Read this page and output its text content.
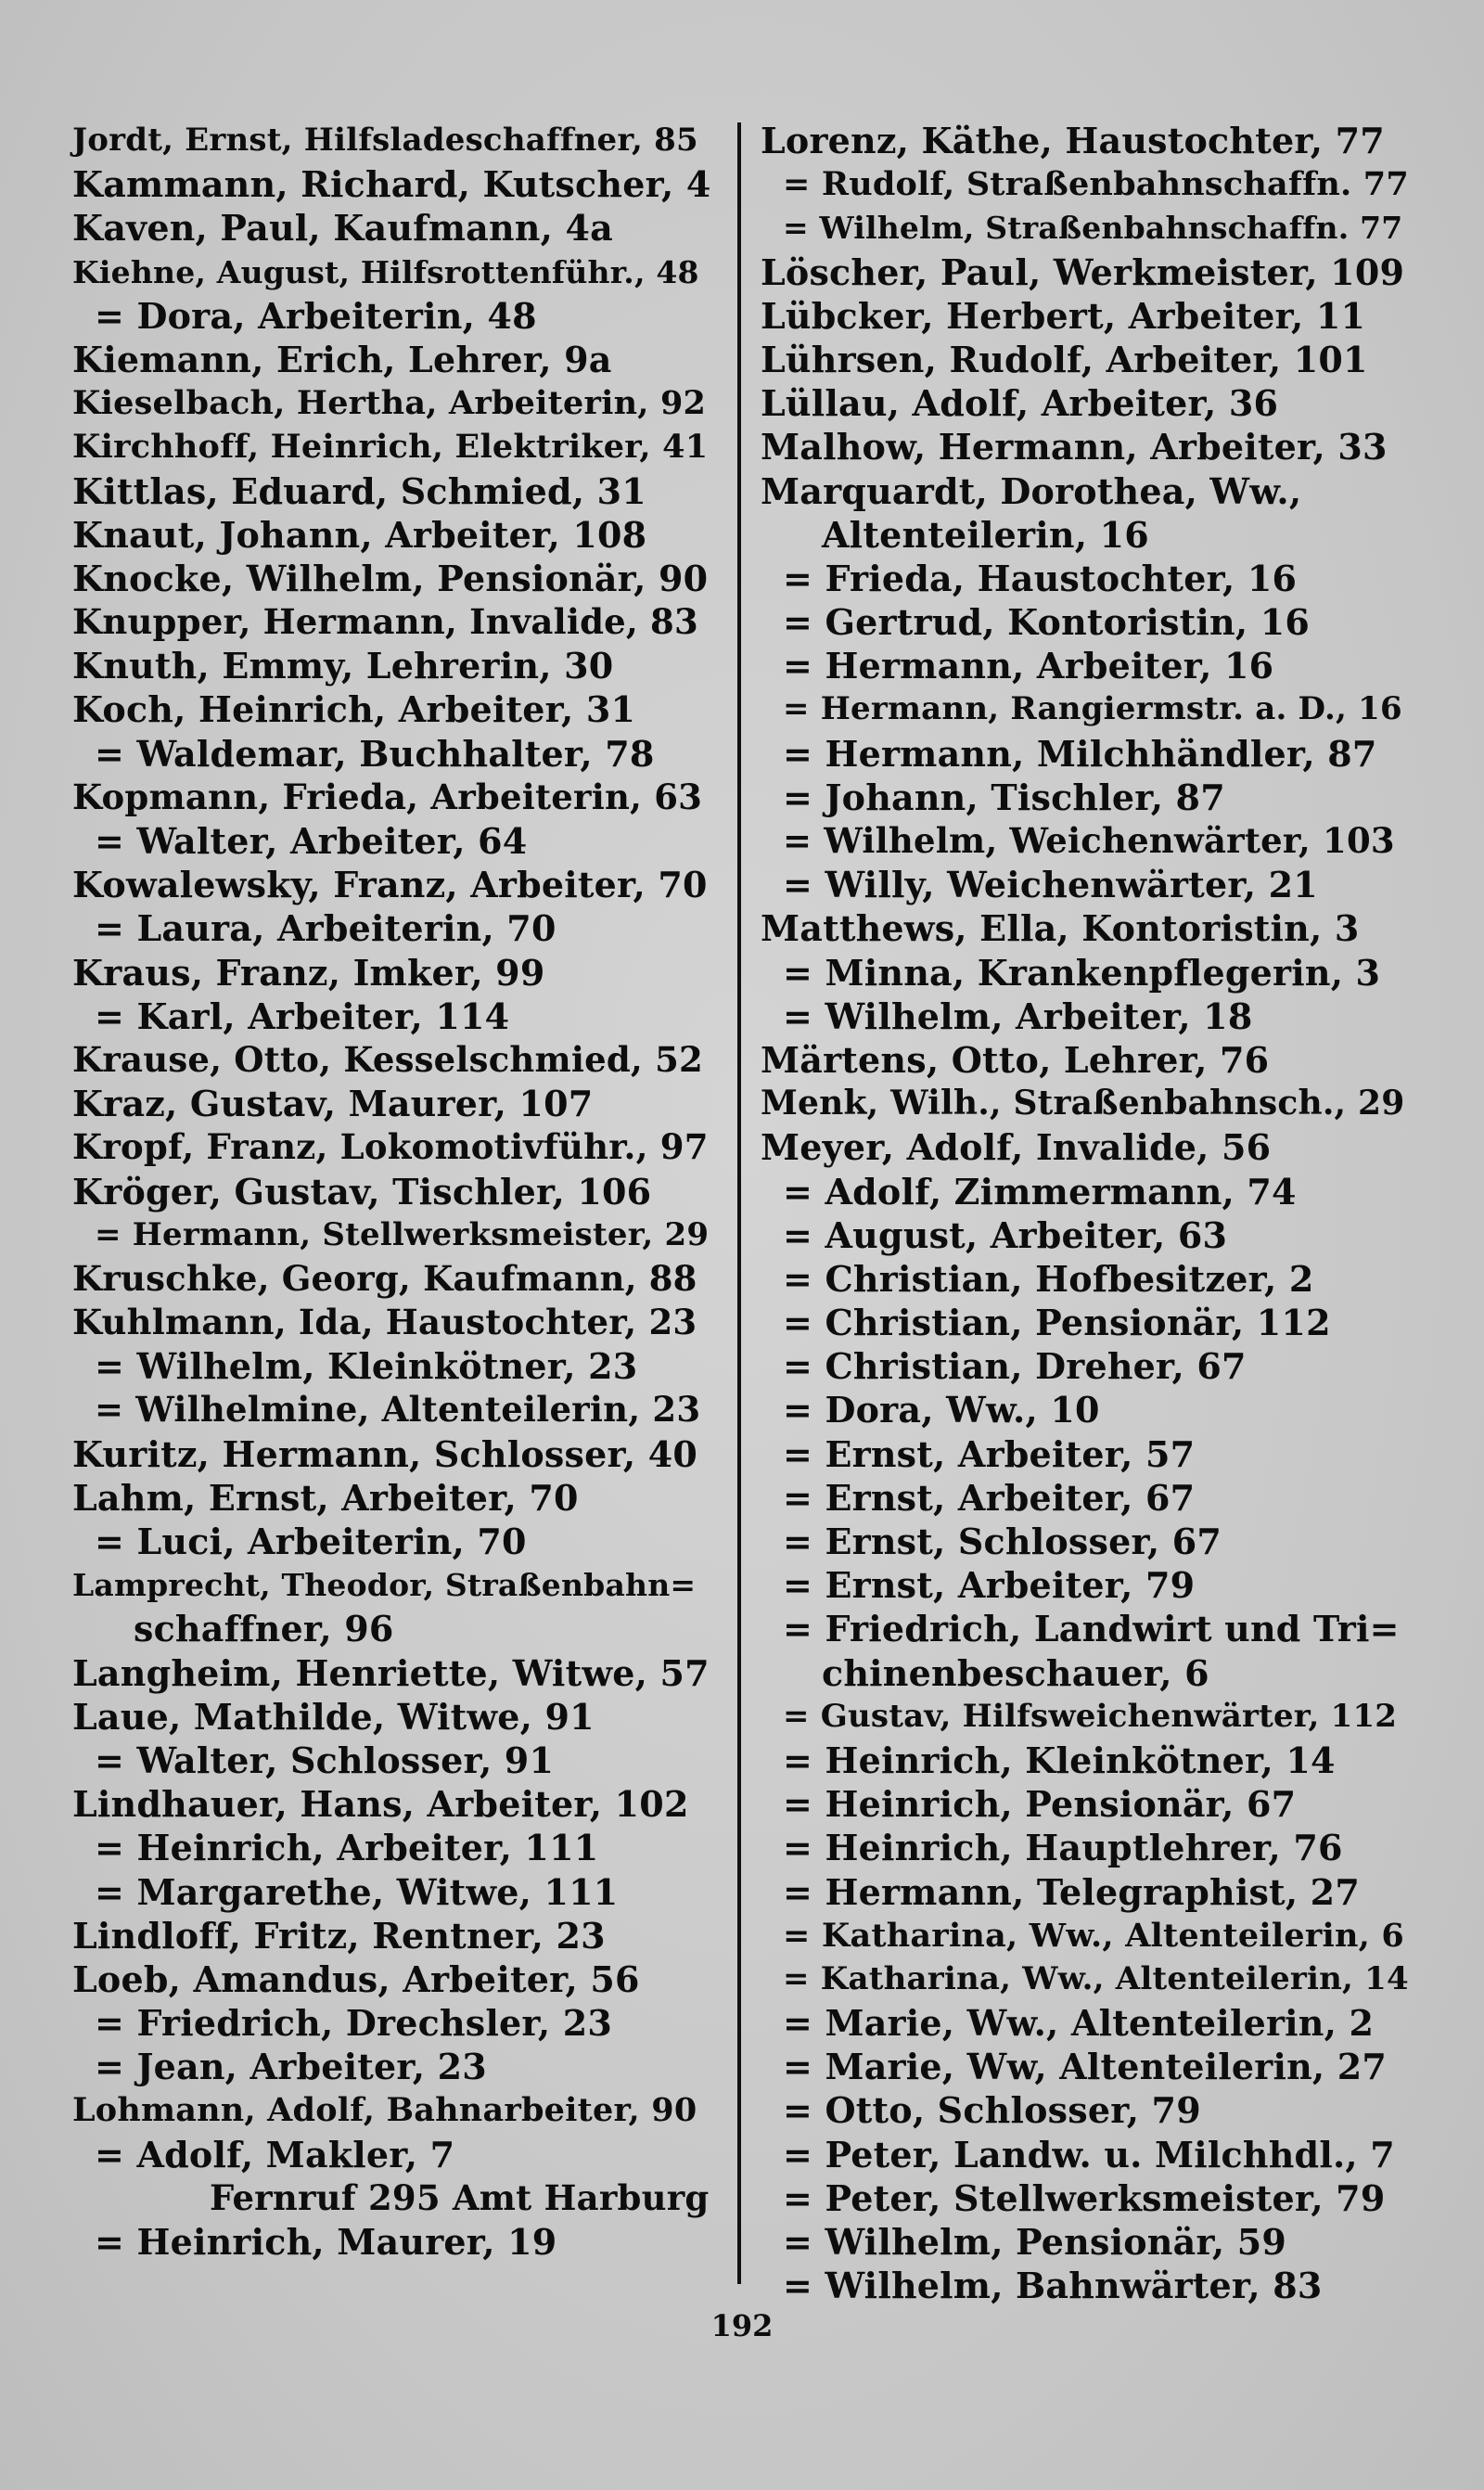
Jordt, Ernst, Hilfsladeschaffner, 85
Kammann, Richard, Kutscher, 4
Kaven, Paul, Kaufmann, 4a
Kiehne, August, Hilfsrottenführ., 48
= Dora, Arbeiterin, 48
Kiemann, Erich, Lehrer, 9a
Kieselbach, Hertha, Arbeiterin, 92
Kirchhoff, Heinrich, Elektriker, 41
Kittlas, Eduard, Schmied, 31
Knaut, Johann, Arbeiter, 108
Knocke, Wilhelm, Pensionär, 90
Knupper, Hermann, Invalide, 83
Knuth, Emmy, Lehrerin, 30
Koch, Heinrich, Arbeiter, 31
= Waldemar, Buchhalter, 78
Kopmann, Frieda, Arbeiterin, 63
= Walter, Arbeiter, 64
Kowalewsky, Franz, Arbeiter, 70
= Laura, Arbeiterin, 70
Kraus, Franz, Imker, 99
= Karl, Arbeiter, 114
Krause, Otto, Kesselschmied, 52
Kraz, Gustav, Maurer, 107
Kropf, Franz, Lokomotivführ., 97
Kröger, Gustav, Tischler, 106
= Hermann, Stellwerksmeister, 29
Kruschke, Georg, Kaufmann, 88
Kuhlmann, Ida, Haustochter, 23
= Wilhelm, Kleinkötner, 23
= Wilhelmine, Altenteilerin, 23
Kuritz, Hermann, Schlosser, 40
Lahm, Ernst, Arbeiter, 70
= Luci, Arbeiterin, 70
Lamprecht, Theodor, Straßenbahn=
schaffner, 96
Langheim, Henriette, Witwe, 57
Laue, Mathilde, Witwe, 91
= Walter, Schlosser, 91
Lindhauer, Hans, Arbeiter, 102
= Heinrich, Arbeiter, 111
= Margarethe, Witwe, 111
Lindloff, Fritz, Rentner, 23
Loeb, Amandus, Arbeiter, 56
= Friedrich, Drechsler, 23
= Jean, Arbeiter, 23
Lohmann, Adolf, Bahnarbeiter, 90
= Adolf, Makler, 7
Fernruf 295 Amt Harburg
= Heinrich, Maurer, 19
Lorenz, Käthe, Haustochter, 77
= Rudolf, Straßenbahnschaffn. 77
= Wilhelm, Straßenbahnschaffn. 77
Löscher, Paul, Werkmeister, 109
Lübcker, Herbert, Arbeiter, 11
Lührsen, Rudolf, Arbeiter, 101
Lüllau, Adolf, Arbeiter, 36
Malhow, Hermann, Arbeiter, 33
Marquardt, Dorothea, Ww.,
Altenteilerin, 16
= Frieda, Haustochter, 16
= Gertrud, Kontoristin, 16
= Hermann, Arbeiter, 16
= Hermann, Rangiermstr. a. D., 16
= Hermann, Milchhändler, 87
= Johann, Tischler, 87
= Wilhelm, Weichenwärter, 103
= Willy, Weichenwärter, 21
Matthews, Ella, Kontoristin, 3
= Minna, Krankenpflegerin, 3
= Wilhelm, Arbeiter, 18
Märtens, Otto, Lehrer, 76
Menk, Wilh., Straßenbahnsch., 29
Meyer, Adolf, Invalide, 56
= Adolf, Zimmermann, 74
= August, Arbeiter, 63
= Christian, Hofbesitzer, 2
= Christian, Pensionär, 112
= Christian, Dreher, 67
= Dora, Ww., 10
= Ernst, Arbeiter, 57
= Ernst, Arbeiter, 67
= Ernst, Schlosser, 67
= Ernst, Arbeiter, 79
= Friedrich, Landwirt und Tri=
chinenbeschauer, 6
= Gustav, Hilfsweichenwärter, 112
= Heinrich, Kleinkötner, 14
= Heinrich, Pensionär, 67
= Heinrich, Hauptlehrer, 76
= Hermann, Telegraphist, 27
= Katharina, Ww., Altenteilerin, 6
= Katharina, Ww., Altenteilerin, 14
= Marie, Ww., Altenteilerin, 2
= Marie, Ww, Altenteilerin, 27
= Otto, Schlosser, 79
= Peter, Landw. u. Milchhdl., 7
= Peter, Stellwerksmeister, 79
= Wilhelm, Pensionär, 59
= Wilhelm, Bahnwärter, 83
192
